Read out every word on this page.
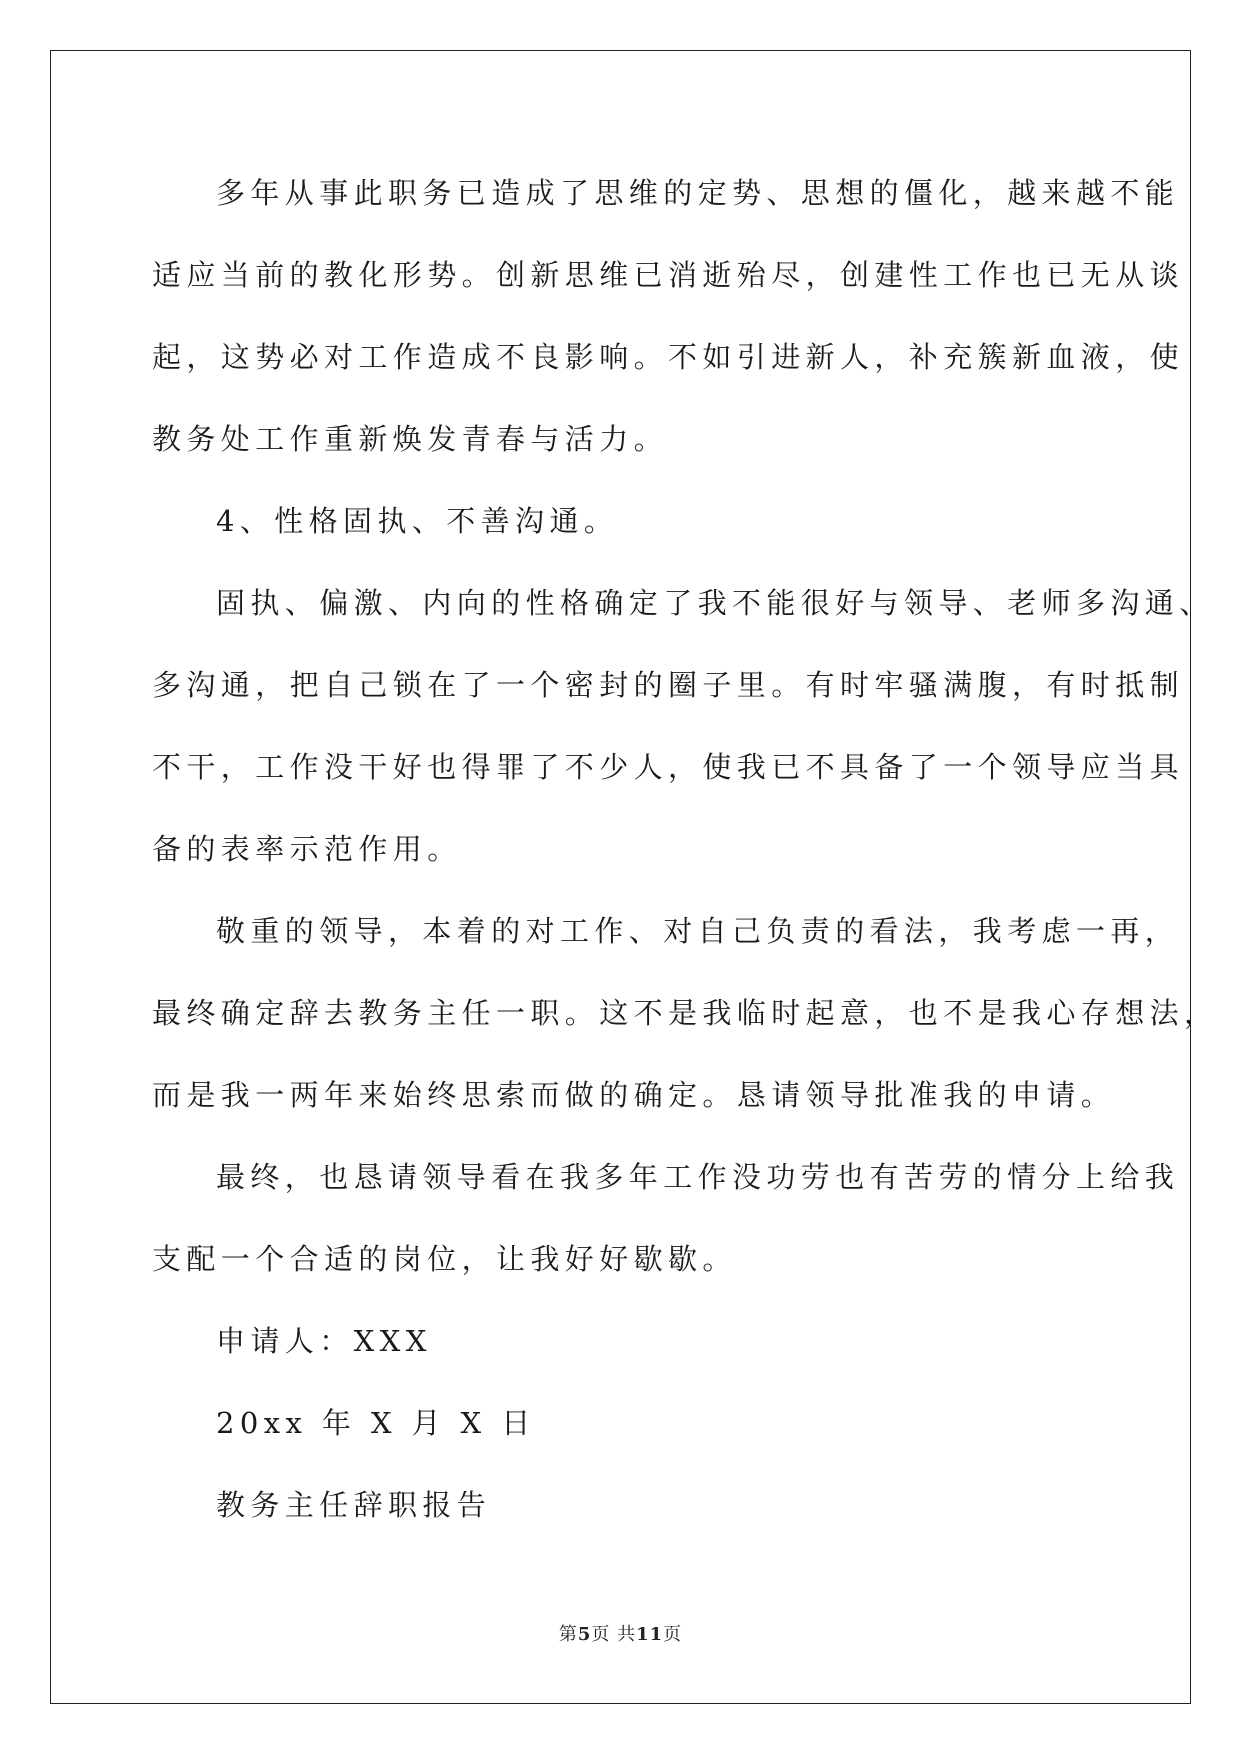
多年从事此职务已造成了思维的定势、思想的僵化，越来越不能
适应当前的教化形势。创新思维已消逝殆尽，创建性工作也已无从谈
起，这势必对工作造成不良影响。不如引进新人，补充簇新血液，使
教务处工作重新焕发青春与活力。
4、性格固执、不善沟通。
固执、偏激、内向的性格确定了我不能很好与领导、老师多沟通、
多沟通，把自己锁在了一个密封的圈子里。有时牢骚满腹，有时抵制
不干，工作没干好也得罪了不少人，使我已不具备了一个领导应当具
备的表率示范作用。
敬重的领导，本着的对工作、对自己负责的看法，我考虑一再，
最终确定辞去教务主任一职。这不是我临时起意，也不是我心存想法，
而是我一两年来始终思索而做的确定。恳请领导批准我的申请。
最终，也恳请领导看在我多年工作没功劳也有苦劳的情分上给我
支配一个合适的岗位，让我好好歇歇。
申请人：XXX
20xx 年 X 月 X 日
教务主任辞职报告
第5页 共11页
